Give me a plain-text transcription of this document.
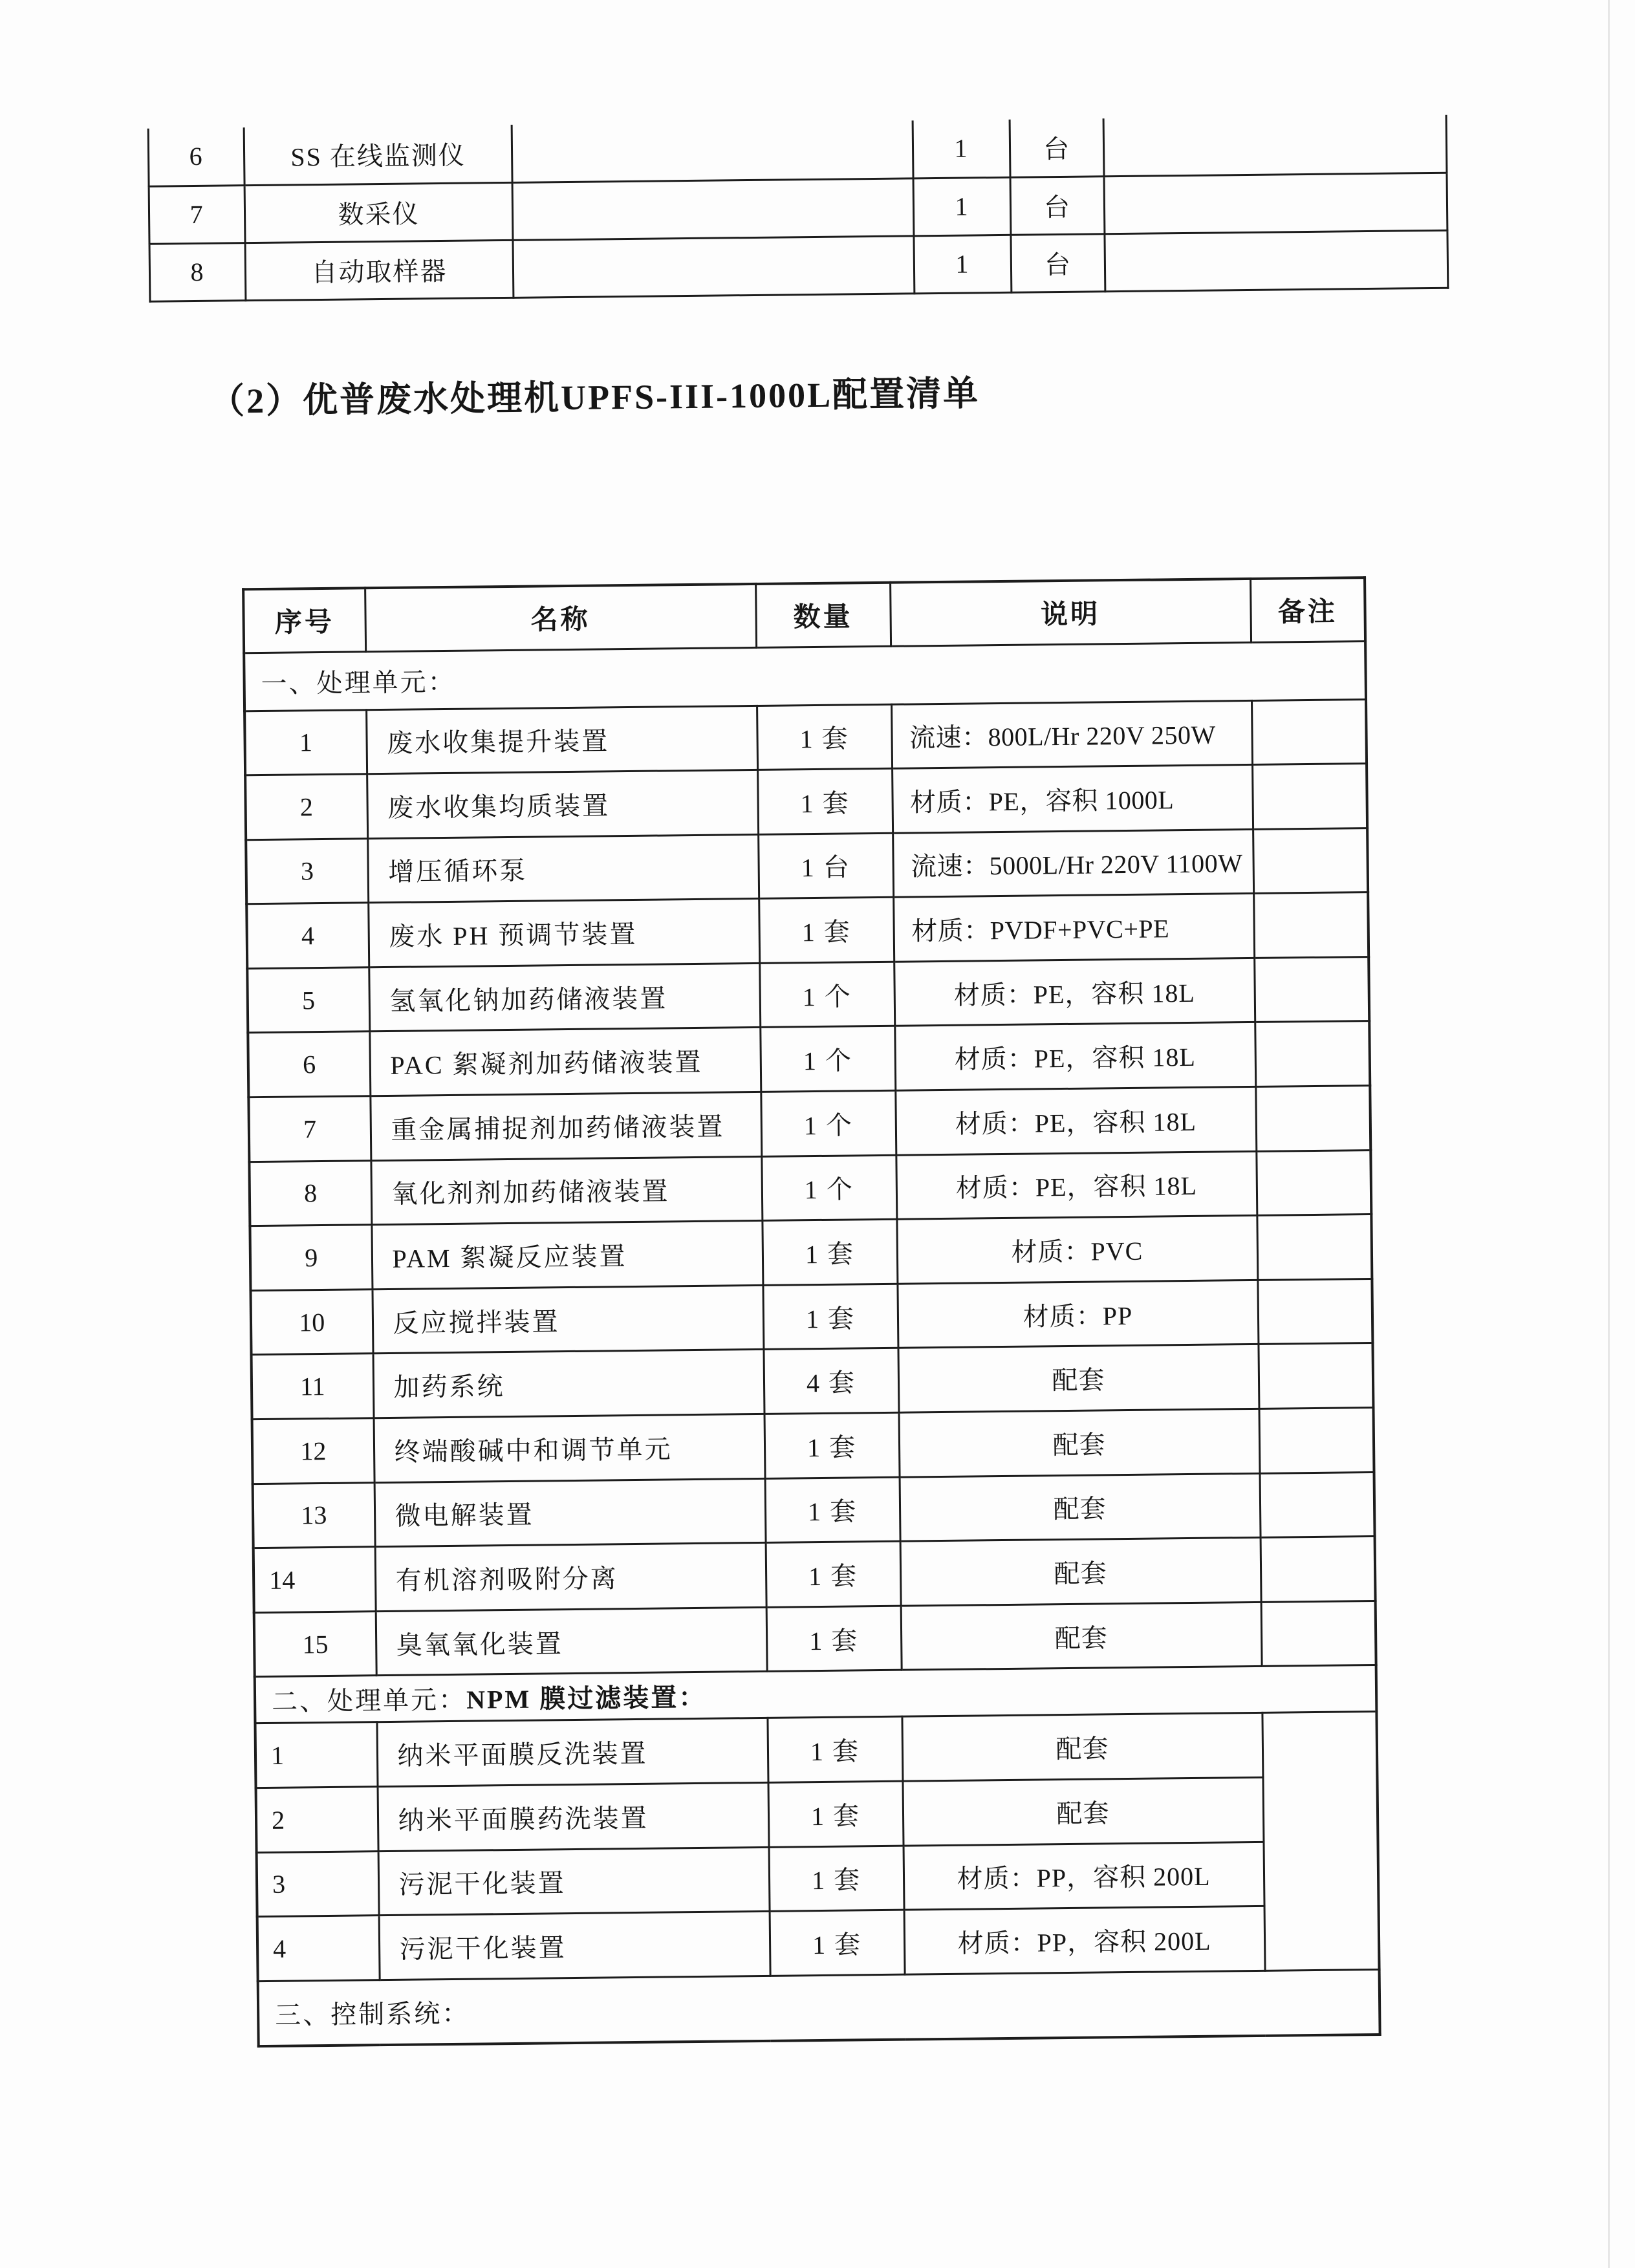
6	SS 在线监测仪		1	台	
7	数采仪		1	台	
8	自动取样器		1	台	
（2）优普废水处理机UPFS-III-1000L配置清单
序号	名称	数量	说明	备注
一、处理单元：				
1	废水收集提升装置	1 套	流速：800L/Hr 220V 250W	
2	废水收集均质装置	1 套	材质：PE，容积 1000L	
3	增压循环泵	1 台	流速：5000L/Hr 220V 1100W	
4	废水 PH 预调节装置	1 套	材质：PVDF+PVC+PE	
5	氢氧化钠加药储液装置	1 个	材质：PE，容积 18L	
6	PAC 絮凝剂加药储液装置	1 个	材质：PE，容积 18L	
7	重金属捕捉剂加药储液装置	1 个	材质：PE，容积 18L	
8	氧化剂剂加药储液装置	1 个	材质：PE，容积 18L	
9	PAM 絮凝反应装置	1 套	材质：PVC	
10	反应搅拌装置	1 套	材质：PP	
11	加药系统	4 套	配套	
12	终端酸碱中和调节单元	1 套	配套	
13	微电解装置	1 套	配套	
14	有机溶剂吸附分离	1 套	配套	
15	臭氧氧化装置	1 套	配套	
二、处理单元：NPM 膜过滤装置：				
1	纳米平面膜反洗装置	1 套	配套	
2	纳米平面膜药洗装置	1 套	配套	
3	污泥干化装置	1 套	材质：PP，容积 200L	
4	污泥干化装置	1 套	材质：PP，容积 200L	
三、控制系统：				
